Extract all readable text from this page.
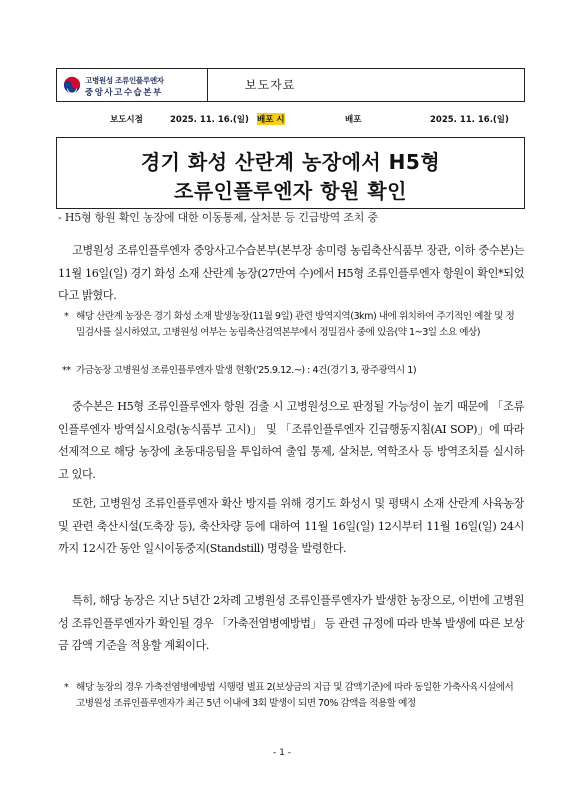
고병원성 조류인플루엔자
중앙사고수습본부
보도자료
보도시점	2025. 11. 16.(일) 배포 시	배포	2025. 11. 16.(일)
경기 화성 산란계 농장에서 H5형
조류인플루엔자 항원 확인
- H5형 항원 확인 농장에 대한 이동통제, 살처분 등 긴급방역 조치 중
고병원성 조류인플루엔자 중앙사고수습본부(본부장 송미령 농림축산식품부 장관, 이하 중수본)는 11월 16일(일) 경기 화성 소재 산란계 농장(27만여 수)에서 H5형 조류인플루엔자 항원이 확인*되었다고 밝혔다.
* 해당 산란계 농장은 경기 화성 소재 발생농장(11월 9일) 관련 방역지역(3km) 내에 위치하여 주기적인 예찰 및 정밀검사를 실시하였고, 고병원성 여부는 농림축산검역본부에서 정밀검사 중에 있음(약 1~3일 소요 예상)
** 가금농장 고병원성 조류인플루엔자 발생 현황('25.9.12.~) : 4건(경기 3, 광주광역시 1)
중수본은 H5형 조류인플루엔자 항원 검출 시 고병원성으로 판정될 가능성이 높기 때문에 「조류인플루엔자 방역실시요령(농식품부 고시)」 및 「조류인플루엔자 긴급행동지침(AI SOP)」에 따라 선제적으로 해당 농장에 초동대응팀을 투입하여 출입 통제, 살처분, 역학조사 등 방역조치를 실시하고 있다.
또한, 고병원성 조류인플루엔자 확산 방지를 위해 경기도 화성시 및 평택시 소재 산란계 사육농장 및 관련 축산시설(도축장 등), 축산차량 등에 대하여 11월 16일(일) 12시부터 11월 16일(일) 24시까지 12시간 동안 일시이동중지(Standstill) 명령을 발령한다.
특히, 해당 농장은 지난 5년간 2차례 고병원성 조류인플루엔자가 발생한 농장으로, 이번에 고병원성 조류인플루엔자가 확인될 경우 「가축전염병예방법」 등 관련 규정에 따라 반복 발생에 따른 보상금 감액 기준을 적용할 계획이다.
* 해당 농장의 경우 가축전염병예방법 시행령 별표 2(보상금의 지급 및 감액기준)에 따라 동일한 가축사육시설에서 고병원성 조류인플루엔자가 최근 5년 이내에 3회 발생이 되면 70% 감액을 적용할 예정
- 1 -
